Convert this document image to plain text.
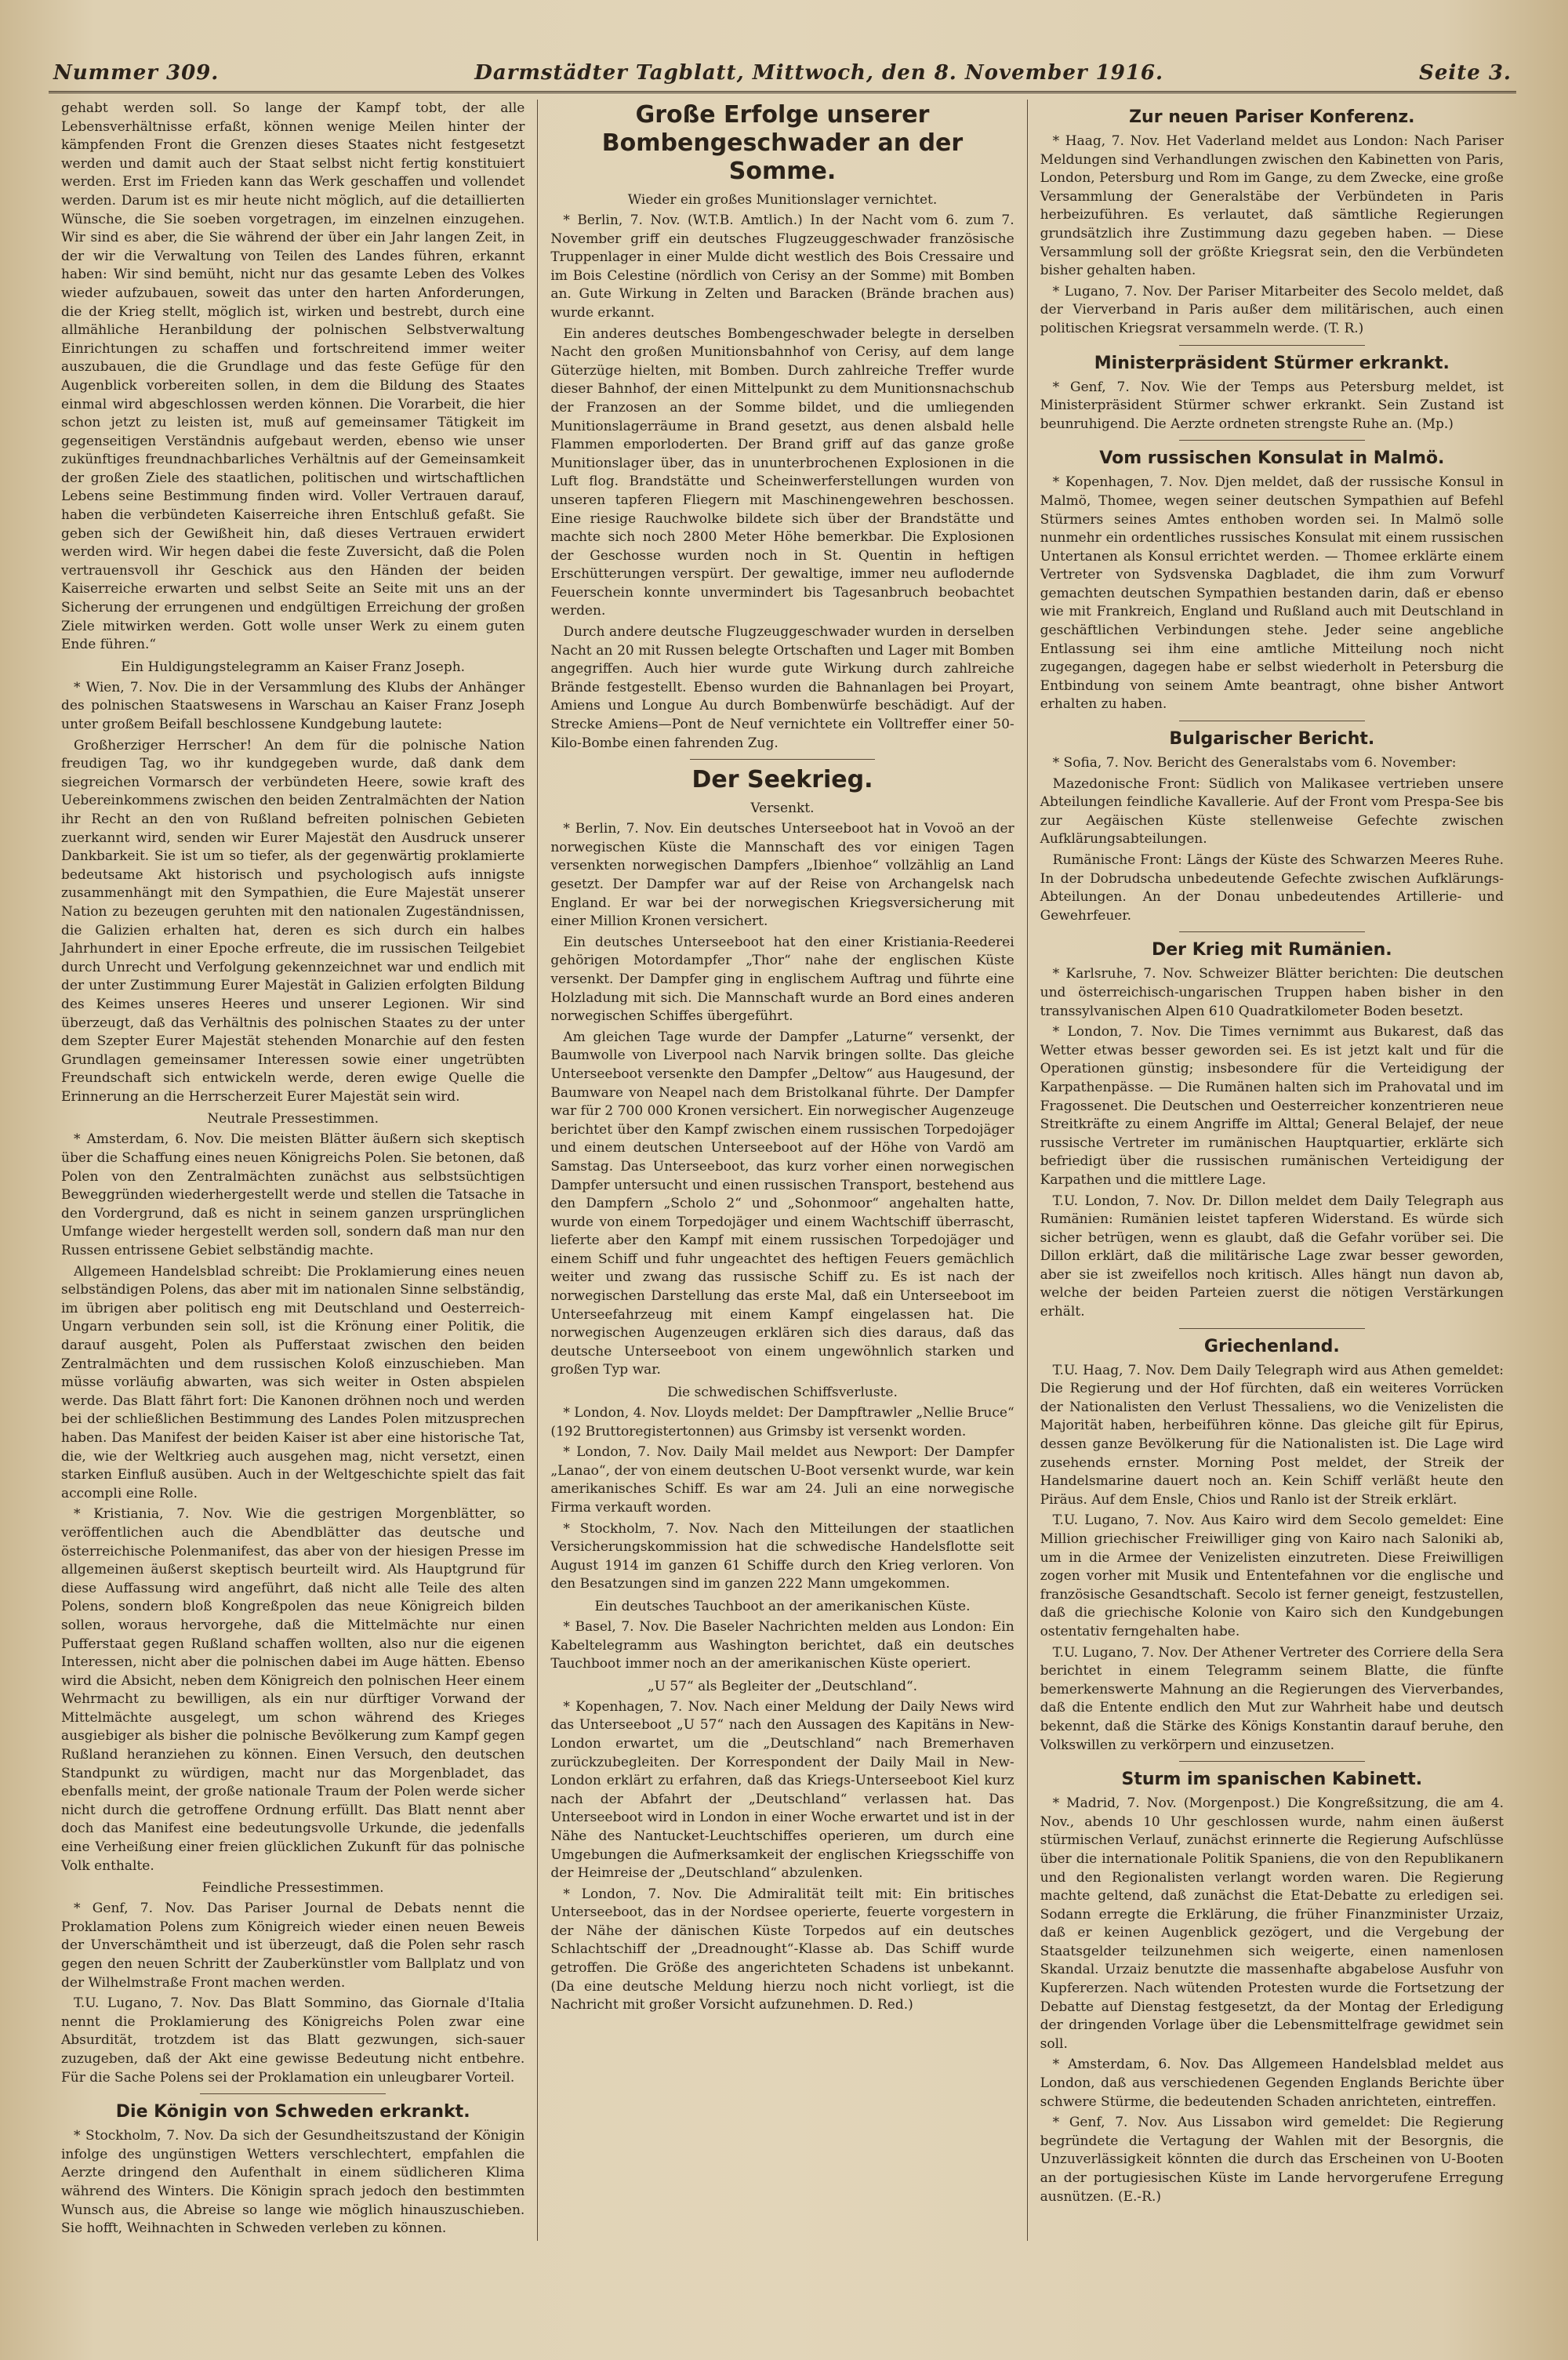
Nummer 309.	Darmstädter Tagblatt, Mittwoch, den 8. November 1916.	Seite 3.

gehabt werden soll. So lange der Kampf tobt, der alle Lebensverhältnisse erfaßt, können wenige Meilen hinter der kämpfenden Front die Grenzen dieses Staates nicht festgesetzt werden und damit auch der Staat selbst nicht fertig konstituiert werden. Erst im Frieden kann das Werk geschaffen und vollendet werden. Darum ist es mir heute nicht möglich, auf die detaillierten Wünsche, die Sie soeben vorgetragen, im einzelnen einzugehen. Wir sind es aber, die Sie während der über ein Jahr langen Zeit, in der wir die Verwaltung von Teilen des Landes führen, erkannt haben: Wir sind bemüht, nicht nur das gesamte Leben des Volkes wieder aufzubauen, soweit das unter den harten Anforderungen, die der Krieg stellt, möglich ist, wirken und bestrebt, durch eine allmähliche Heranbildung der polnischen Selbstverwaltung Einrichtungen zu schaffen und fortschreitend immer weiter auszubauen, die die Grundlage und das feste Gefüge für den Augenblick vorbereiten sollen, in dem die Bildung des Staates einmal wird abgeschlossen werden können. Die Vorarbeit, die hier schon jetzt zu leisten ist, muß auf gemeinsamer Tätigkeit im gegenseitigen Verständnis aufgebaut werden, ebenso wie unser zukünftiges freundnachbarliches Verhältnis auf der Gemeinsamkeit der großen Ziele des staatlichen, politischen und wirtschaftlichen Lebens seine Bestimmung finden wird. Voller Vertrauen darauf, haben die verbündeten Kaiserreiche ihren Entschluß gefaßt. Sie geben sich der Gewißheit hin, daß dieses Vertrauen erwidert werden wird. Wir hegen dabei die feste Zuversicht, daß die Polen vertrauensvoll ihr Geschick aus den Händen der beiden Kaiserreiche erwarten und selbst Seite an Seite mit uns an der Sicherung der errungenen und endgültigen Erreichung der großen Ziele mitwirken werden. Gott wolle unser Werk zu einem guten Ende führen.“

Ein Huldigungstelegramm an Kaiser Franz Joseph.

* Wien, 7. Nov. Die in der Versammlung des Klubs der Anhänger des polnischen Staatswesens in Warschau an Kaiser Franz Joseph unter großem Beifall beschlossene Kundgebung lautete:

Großherziger Herrscher! An dem für die polnische Nation freudigen Tag, wo ihr kundgegeben wurde, daß dank dem siegreichen Vormarsch der verbündeten Heere, sowie kraft des Uebereinkommens zwischen den beiden Zentralmächten der Nation ihr Recht an den von Rußland befreiten polnischen Gebieten zuerkannt wird, senden wir Eurer Majestät den Ausdruck unserer Dankbarkeit. Sie ist um so tiefer, als der gegenwärtig proklamierte bedeutsame Akt historisch und psychologisch aufs innigste zusammenhängt mit den Sympathien, die Eure Majestät unserer Nation zu bezeugen geruhten mit den nationalen Zugeständnissen, die Galizien erhalten hat, deren es sich durch ein halbes Jahrhundert in einer Epoche erfreute, die im russischen Teilgebiet durch Unrecht und Verfolgung gekennzeichnet war und endlich mit der unter Zustimmung Eurer Majestät in Galizien erfolgten Bildung des Keimes unseres Heeres und unserer Legionen. Wir sind überzeugt, daß das Verhältnis des polnischen Staates zu der unter dem Szepter Eurer Majestät stehenden Monarchie auf den festen Grundlagen gemeinsamer Interessen sowie einer ungetrübten Freundschaft sich entwickeln werde, deren ewige Quelle die Erinnerung an die Herrscherzeit Eurer Majestät sein wird.

Neutrale Pressestimmen.

* Amsterdam, 6. Nov. Die meisten Blätter äußern sich skeptisch über die Schaffung eines neuen Königreichs Polen. Sie betonen, daß Polen von den Zentralmächten zunächst aus selbstsüchtigen Beweggründen wiederhergestellt werde und stellen die Tatsache in den Vordergrund, daß es nicht in seinem ganzen ursprünglichen Umfange wieder hergestellt werden soll, sondern daß man nur den Russen entrissene Gebiet selbständig machte.

Allgemeen Handelsblad schreibt: Die Proklamierung eines neuen selbständigen Polens, das aber mit im nationalen Sinne selbständig, im übrigen aber politisch eng mit Deutschland und Oesterreich-Ungarn verbunden sein soll, ist die Krönung einer Politik, die darauf ausgeht, Polen als Pufferstaat zwischen den beiden Zentralmächten und dem russischen Koloß einzuschieben. Man müsse vorläufig abwarten, was sich weiter in Osten abspielen werde. Das Blatt fährt fort: Die Kanonen dröhnen noch und werden bei der schließlichen Bestimmung des Landes Polen mitzusprechen haben. Das Manifest der beiden Kaiser ist aber eine historische Tat, die, wie der Weltkrieg auch ausgehen mag, nicht versetzt, einen starken Einfluß ausüben. Auch in der Weltgeschichte spielt das fait accompli eine Rolle.

* Kristiania, 7. Nov. Wie die gestrigen Morgenblätter, so veröffentlichen auch die Abendblätter das deutsche und österreichische Polenmanifest, das aber von der hiesigen Presse im allgemeinen äußerst skeptisch beurteilt wird. Als Hauptgrund für diese Auffassung wird angeführt, daß nicht alle Teile des alten Polens, sondern bloß Kongreßpolen das neue Königreich bilden sollen, woraus hervorgehe, daß die Mittelmächte nur einen Pufferstaat gegen Rußland schaffen wollten, also nur die eigenen Interessen, nicht aber die polnischen dabei im Auge hätten. Ebenso wird die Absicht, neben dem Königreich den polnischen Heer einem Wehrmacht zu bewilligen, als ein nur dürftiger Vorwand der Mittelmächte ausgelegt, um schon während des Krieges ausgiebiger als bisher die polnische Bevölkerung zum Kampf gegen Rußland heranziehen zu können. Einen Versuch, den deutschen Standpunkt zu würdigen, macht nur das Morgenbladet, das ebenfalls meint, der große nationale Traum der Polen werde sicher nicht durch die getroffene Ordnung erfüllt. Das Blatt nennt aber doch das Manifest eine bedeutungsvolle Urkunde, die jedenfalls eine Verheißung einer freien glücklichen Zukunft für das polnische Volk enthalte.

Feindliche Pressestimmen.

* Genf, 7. Nov. Das Pariser Journal de Debats nennt die Proklamation Polens zum Königreich wieder einen neuen Beweis der Unverschämtheit und ist überzeugt, daß die Polen sehr rasch gegen den neuen Schritt der Zauberkünstler vom Ballplatz und von der Wilhelmstraße Front machen werden.

T.U. Lugano, 7. Nov. Das Blatt Sommino, das Giornale d'Italia nennt die Proklamierung des Königreichs Polen zwar eine Absurdität, trotzdem ist das Blatt gezwungen, sich-sauer zuzugeben, daß der Akt eine gewisse Bedeutung nicht entbehre. Für die Sache Polens sei der Proklamation ein unleugbarer Vorteil.

Die Königin von Schweden erkrankt.

* Stockholm, 7. Nov. Da sich der Gesundheitszustand der Königin infolge des ungünstigen Wetters verschlechtert, empfahlen die Aerzte dringend den Aufenthalt in einem südlicheren Klima während des Winters. Die Königin sprach jedoch den bestimmten Wunsch aus, die Abreise so lange wie möglich hinauszuschieben. Sie hofft, Weihnachten in Schweden verleben zu können.

Große Erfolge unserer Bombengeschwader an der Somme.
Wieder ein großes Munitionslager vernichtet.

* Berlin, 7. Nov. (W.T.B. Amtlich.) In der Nacht vom 6. zum 7. November griff ein deutsches Flugzeuggeschwader französische Truppenlager in einer Mulde dicht westlich des Bois Cressaire und im Bois Celestine (nördlich von Cerisy an der Somme) mit Bomben an. Gute Wirkung in Zelten und Baracken (Brände brachen aus) wurde erkannt.

Ein anderes deutsches Bombengeschwader belegte in derselben Nacht den großen Munitionsbahnhof von Cerisy, auf dem lange Güterzüge hielten, mit Bomben. Durch zahlreiche Treffer wurde dieser Bahnhof, der einen Mittelpunkt zu dem Munitionsnachschub der Franzosen an der Somme bildet, und die umliegenden Munitionslagerräume in Brand gesetzt, aus denen alsbald helle Flammen emporloderten. Der Brand griff auf das ganze große Munitionslager über, das in ununterbrochenen Explosionen in die Luft flog. Brandstätte und Scheinwerferstellungen wurden von unseren tapferen Fliegern mit Maschinengewehren beschossen. Eine riesige Rauchwolke bildete sich über der Brandstätte und machte sich noch 2800 Meter Höhe bemerkbar. Die Explosionen der Geschosse wurden noch in St. Quentin in heftigen Erschütterungen verspürt. Der gewaltige, immer neu auflodernde Feuerschein konnte unvermindert bis Tagesanbruch beobachtet werden.

Durch andere deutsche Flugzeuggeschwader wurden in derselben Nacht an 20 mit Russen belegte Ortschaften und Lager mit Bomben angegriffen. Auch hier wurde gute Wirkung durch zahlreiche Brände festgestellt. Ebenso wurden die Bahnanlagen bei Proyart, Amiens und Longue Au durch Bombenwürfe beschädigt. Auf der Strecke Amiens—Pont de Neuf vernichtete ein Volltreffer einer 50-Kilo-Bombe einen fahrenden Zug.

Der Seekrieg.
Versenkt.

* Berlin, 7. Nov. Ein deutsches Unterseeboot hat in Vovoö an der norwegischen Küste die Mannschaft des vor einigen Tagen versenkten norwegischen Dampfers „Ibienhoe“ vollzählig an Land gesetzt. Der Dampfer war auf der Reise von Archangelsk nach England. Er war bei der norwegischen Kriegsversicherung mit einer Million Kronen versichert.

Ein deutsches Unterseeboot hat den einer Kristiania-Reederei gehörigen Motordampfer „Thor“ nahe der englischen Küste versenkt. Der Dampfer ging in englischem Auftrag und führte eine Holzladung mit sich. Die Mannschaft wurde an Bord eines anderen norwegischen Schiffes übergeführt.

Am gleichen Tage wurde der Dampfer „Laturne“ versenkt, der Baumwolle von Liverpool nach Narvik bringen sollte. Das gleiche Unterseeboot versenkte den Dampfer „Deltow“ aus Haugesund, der Baumware von Neapel nach dem Bristolkanal führte. Der Dampfer war für 2 700 000 Kronen versichert. Ein norwegischer Augenzeuge berichtet über den Kampf zwischen einem russischen Torpedojäger und einem deutschen Unterseeboot auf der Höhe von Vardö am Samstag. Das Unterseeboot, das kurz vorher einen norwegischen Dampfer untersucht und einen russischen Transport, bestehend aus den Dampfern „Scholo 2“ und „Sohonmoor“ angehalten hatte, wurde von einem Torpedojäger und einem Wachtschiff überrascht, lieferte aber den Kampf mit einem russischen Torpedojäger und einem Schiff und fuhr ungeachtet des heftigen Feuers gemächlich weiter und zwang das russische Schiff zu. Es ist nach der norwegischen Darstellung das erste Mal, daß ein Unterseeboot im Unterseefahrzeug mit einem Kampf eingelassen hat. Die norwegischen Augenzeugen erklären sich dies daraus, daß das deutsche Unterseeboot von einem ungewöhnlich starken und großen Typ war.

Die schwedischen Schiffsverluste.

* London, 4. Nov. Lloyds meldet: Der Dampftrawler „Nellie Bruce“ (192 Bruttoregistertonnen) aus Grimsby ist versenkt worden.

* London, 7. Nov. Daily Mail meldet aus Newport: Der Dampfer „Lanao“, der von einem deutschen U-Boot versenkt wurde, war kein amerikanisches Schiff. Es war am 24. Juli an eine norwegische Firma verkauft worden.

* Stockholm, 7. Nov. Nach den Mitteilungen der staatlichen Versicherungskommission hat die schwedische Handelsflotte seit August 1914 im ganzen 61 Schiffe durch den Krieg verloren. Von den Besatzungen sind im ganzen 222 Mann umgekommen.

Ein deutsches Tauchboot an der amerikanischen Küste.

* Basel, 7. Nov. Die Baseler Nachrichten melden aus London: Ein Kabeltelegramm aus Washington berichtet, daß ein deutsches Tauchboot immer noch an der amerikanischen Küste operiert.

„U 57“ als Begleiter der „Deutschland“.

* Kopenhagen, 7. Nov. Nach einer Meldung der Daily News wird das Unterseeboot „U 57“ nach den Aussagen des Kapitäns in New-London erwartet, um die „Deutschland“ nach Bremerhaven zurückzubegleiten. Der Korrespondent der Daily Mail in New-London erklärt zu erfahren, daß das Kriegs-Unterseeboot Kiel kurz nach der Abfahrt der „Deutschland“ verlassen hat. Das Unterseeboot wird in London in einer Woche erwartet und ist in der Nähe des Nantucket-Leuchtschiffes operieren, um durch eine Umgebungen die Aufmerksamkeit der englischen Kriegsschiffe von der Heimreise der „Deutschland“ abzulenken.

* London, 7. Nov. Die Admiralität teilt mit: Ein britisches Unterseeboot, das in der Nordsee operierte, feuerte vorgestern in der Nähe der dänischen Küste Torpedos auf ein deutsches Schlachtschiff der „Dreadnought“-Klasse ab. Das Schiff wurde getroffen. Die Größe des angerichteten Schadens ist unbekannt. (Da eine deutsche Meldung hierzu noch nicht vorliegt, ist die Nachricht mit großer Vorsicht aufzunehmen. D. Red.)

Zur neuen Pariser Konferenz.

* Haag, 7. Nov. Het Vaderland meldet aus London: Nach Pariser Meldungen sind Verhandlungen zwischen den Kabinetten von Paris, London, Petersburg und Rom im Gange, zu dem Zwecke, eine große Versammlung der Generalstäbe der Verbündeten in Paris herbeizuführen. Es verlautet, daß sämtliche Regierungen grundsätzlich ihre Zustimmung dazu gegeben haben. — Diese Versammlung soll der größte Kriegsrat sein, den die Verbündeten bisher gehalten haben.

* Lugano, 7. Nov. Der Pariser Mitarbeiter des Secolo meldet, daß der Vierverband in Paris außer dem militärischen, auch einen politischen Kriegsrat versammeln werde. (T. R.)

Ministerpräsident Stürmer erkrankt.

* Genf, 7. Nov. Wie der Temps aus Petersburg meldet, ist Ministerpräsident Stürmer schwer erkrankt. Sein Zustand ist beunruhigend. Die Aerzte ordneten strengste Ruhe an. (Mp.)

Vom russischen Konsulat in Malmö.

* Kopenhagen, 7. Nov. Djen meldet, daß der russische Konsul in Malmö, Thomee, wegen seiner deutschen Sympathien auf Befehl Stürmers seines Amtes enthoben worden sei. In Malmö solle nunmehr ein ordentliches russisches Konsulat mit einem russischen Untertanen als Konsul errichtet werden. — Thomee erklärte einem Vertreter von Sydsvenska Dagbladet, die ihm zum Vorwurf gemachten deutschen Sympathien bestanden darin, daß er ebenso wie mit Frankreich, England und Rußland auch mit Deutschland in geschäftlichen Verbindungen stehe. Jeder seine angebliche Entlassung sei ihm eine amtliche Mitteilung noch nicht zugegangen, dagegen habe er selbst wiederholt in Petersburg die Entbindung von seinem Amte beantragt, ohne bisher Antwort erhalten zu haben.

Bulgarischer Bericht.

* Sofia, 7. Nov. Bericht des Generalstabs vom 6. November:

Mazedonische Front: Südlich von Malikasee vertrieben unsere Abteilungen feindliche Kavallerie. Auf der Front vom Prespa-See bis zur Aegäischen Küste stellenweise Gefechte zwischen Aufklärungsabteilungen.

Rumänische Front: Längs der Küste des Schwarzen Meeres Ruhe. In der Dobrudscha unbedeutende Gefechte zwischen Aufklärungs-Abteilungen. An der Donau unbedeutendes Artillerie- und Gewehrfeuer.

Der Krieg mit Rumänien.

* Karlsruhe, 7. Nov. Schweizer Blätter berichten: Die deutschen und österreichisch-ungarischen Truppen haben bisher in den transsylvanischen Alpen 610 Quadratkilometer Boden besetzt.

* London, 7. Nov. Die Times vernimmt aus Bukarest, daß das Wetter etwas besser geworden sei. Es ist jetzt kalt und für die Operationen günstig; insbesondere für die Verteidigung der Karpathenpässe. — Die Rumänen halten sich im Prahovatal und im Fragossenet. Die Deutschen und Oesterreicher konzentrieren neue Streitkräfte zu einem Angriffe im Alttal; General Belajef, der neue russische Vertreter im rumänischen Hauptquartier, erklärte sich befriedigt über die russischen rumänischen Verteidigung der Karpathen und die mittlere Lage.

T.U. London, 7. Nov. Dr. Dillon meldet dem Daily Telegraph aus Rumänien: Rumänien leistet tapferen Widerstand. Es würde sich sicher betrügen, wenn es glaubt, daß die Gefahr vorüber sei. Die Dillon erklärt, daß die militärische Lage zwar besser geworden, aber sie ist zweifellos noch kritisch. Alles hängt nun davon ab, welche der beiden Parteien zuerst die nötigen Verstärkungen erhält.

Griechenland.

T.U. Haag, 7. Nov. Dem Daily Telegraph wird aus Athen gemeldet: Die Regierung und der Hof fürchten, daß ein weiteres Vorrücken der Nationalisten den Verlust Thessaliens, wo die Venizelisten die Majorität haben, herbeiführen könne. Das gleiche gilt für Epirus, dessen ganze Bevölkerung für die Nationalisten ist. Die Lage wird zusehends ernster. Morning Post meldet, der Streik der Handelsmarine dauert noch an. Kein Schiff verläßt heute den Piräus. Auf dem Ensle, Chios und Ranlo ist der Streik erklärt.

T.U. Lugano, 7. Nov. Aus Kairo wird dem Secolo gemeldet: Eine Million griechischer Freiwilliger ging von Kairo nach Saloniki ab, um in die Armee der Venizelisten einzutreten. Diese Freiwilligen zogen vorher mit Musik und Ententefahnen vor die englische und französische Gesandtschaft. Secolo ist ferner geneigt, festzustellen, daß die griechische Kolonie von Kairo sich den Kundgebungen ostentativ ferngehalten habe.

T.U. Lugano, 7. Nov. Der Athener Vertreter des Corriere della Sera berichtet in einem Telegramm seinem Blatte, die fünfte bemerkenswerte Mahnung an die Regierungen des Vierverbandes, daß die Entente endlich den Mut zur Wahrheit habe und deutsch bekennt, daß die Stärke des Königs Konstantin darauf beruhe, den Volkswillen zu verkörpern und einzusetzen.

Sturm im spanischen Kabinett.

* Madrid, 7. Nov. (Morgenpost.) Die Kongreßsitzung, die am 4. Nov., abends 10 Uhr geschlossen wurde, nahm einen äußerst stürmischen Verlauf, zunächst erinnerte die Regierung Aufschlüsse über die internationale Politik Spaniens, die von den Republikanern und den Regionalisten verlangt worden waren. Die Regierung machte geltend, daß zunächst die Etat-Debatte zu erledigen sei. Sodann erregte die Erklärung, die früher Finanzminister Urzaiz, daß er keinen Augenblick gezögert, und die Vergebung der Staatsgelder teilzunehmen sich weigerte, einen namenlosen Skandal. Urzaiz benutzte die massenhafte abgabelose Ausfuhr von Kupfererzen. Nach wütenden Protesten wurde die Fortsetzung der Debatte auf Dienstag festgesetzt, da der Montag der Erledigung der dringenden Vorlage über die Lebensmittelfrage gewidmet sein soll.

* Amsterdam, 6. Nov. Das Allgemeen Handelsblad meldet aus London, daß aus verschiedenen Gegenden Englands Berichte über schwere Stürme, die bedeutenden Schaden anrichteten, eintreffen.

* Genf, 7. Nov. Aus Lissabon wird gemeldet: Die Regierung begründete die Vertagung der Wahlen mit der Besorgnis, die Unzuverlässigkeit könnten die durch das Erscheinen von U-Booten an der portugiesischen Küste im Lande hervorgerufene Erregung ausnützen. (E.-R.)
